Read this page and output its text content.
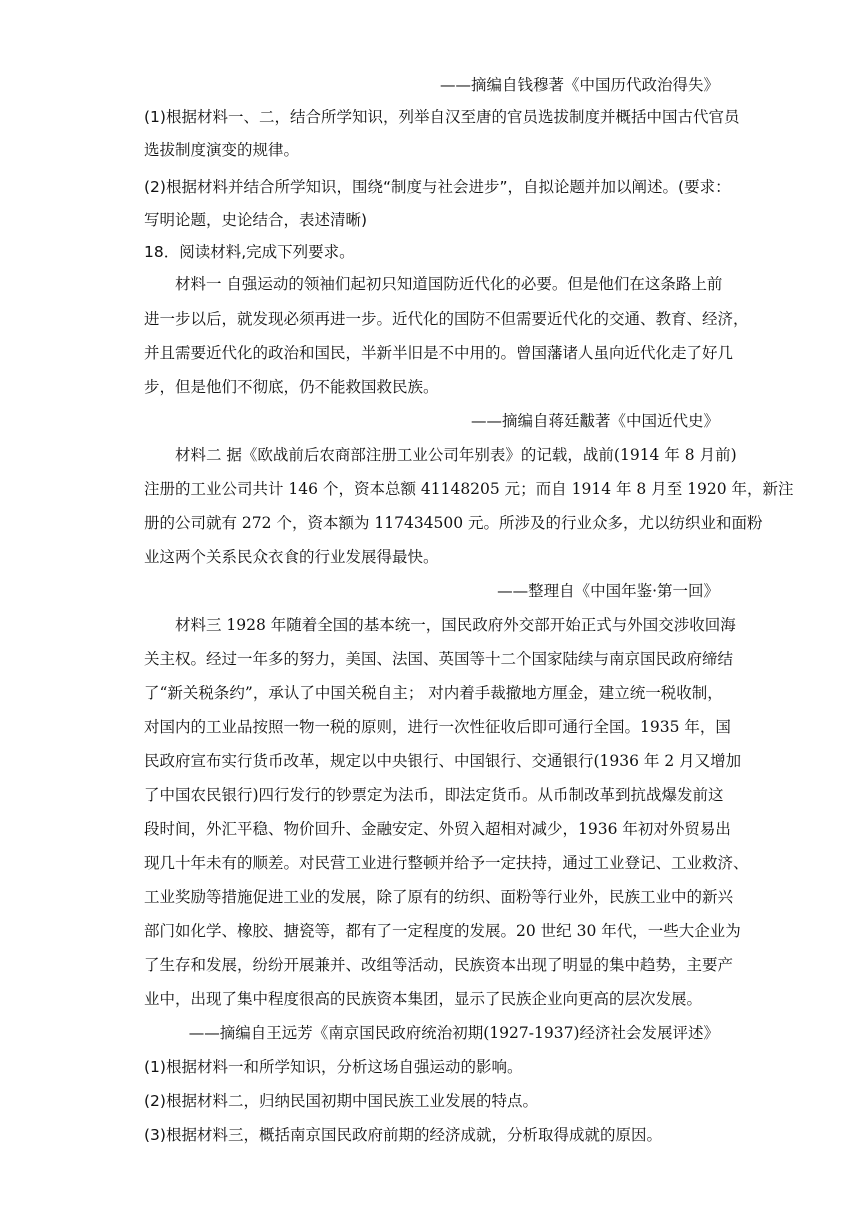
——摘编自钱穆著《中国历代政治得失》
(1)根据材料一、二，结合所学知识，列举自汉至唐的官员选拔制度并概括中国古代官员
选拔制度演变的规律。
(2)根据材料并结合所学知识，围绕“制度与社会进步”，自拟论题并加以阐述。(要求：
写明论题，史论结合，表述清晰)
18．阅读材料,完成下列要求。
材料一 自强运动的领袖们起初只知道国防近代化的必要。但是他们在这条路上前
进一步以后，就发现必须再进一步。近代化的国防不但需要近代化的交通、教育、经济，
并且需要近代化的政治和国民，半新半旧是不中用的。曾国藩诸人虽向近代化走了好几
步，但是他们不彻底，仍不能救国救民族。
——摘编自蒋廷黻著《中国近代史》
材料二 据《欧战前后农商部注册工业公司年别表》的记载，战前(1914 年 8 月前)
注册的工业公司共计 146 个，资本总额 41148205 元；而自 1914 年 8 月至 1920 年，新注
册的公司就有 272 个，资本额为 117434500 元。所涉及的行业众多，尤以纺织业和面粉
业这两个关系民众衣食的行业发展得最快。
——整理自《中国年鉴·第一回》
材料三 1928 年随着全国的基本统一，国民政府外交部开始正式与外国交涉收回海
关主权。经过一年多的努力，美国、法国、英国等十二个国家陆续与南京国民政府缔结
了“新关税条约”，承认了中国关税自主； 对内着手裁撤地方厘金，建立统一税收制，
对国内的工业品按照一物一税的原则，进行一次性征收后即可通行全国。1935 年，国
民政府宣布实行货币改革，规定以中央银行、中国银行、交通银行(1936 年 2 月又增加
了中国农民银行)四行发行的钞票定为法币，即法定货币。从币制改革到抗战爆发前这
段时间，外汇平稳、物价回升、金融安定、外贸入超相对减少，1936 年初对外贸易出
现几十年未有的顺差。对民营工业进行整顿并给予一定扶持，通过工业登记、工业救济、
工业奖励等措施促进工业的发展，除了原有的纺织、面粉等行业外，民族工业中的新兴
部门如化学、橡胶、搪瓷等，都有了一定程度的发展。20 世纪 30 年代，一些大企业为
了生存和发展，纷纷开展兼并、改组等活动，民族资本出现了明显的集中趋势，主要产
业中，出现了集中程度很高的民族资本集团，显示了民族企业向更高的层次发展。
——摘编自王远芳《南京国民政府统治初期(1927-1937)经济社会发展评述》
(1)根据材料一和所学知识，分析这场自强运动的影响。
(2)根据材料二，归纳民国初期中国民族工业发展的特点。
(3)根据材料三，概括南京国民政府前期的经济成就，分析取得成就的原因。
